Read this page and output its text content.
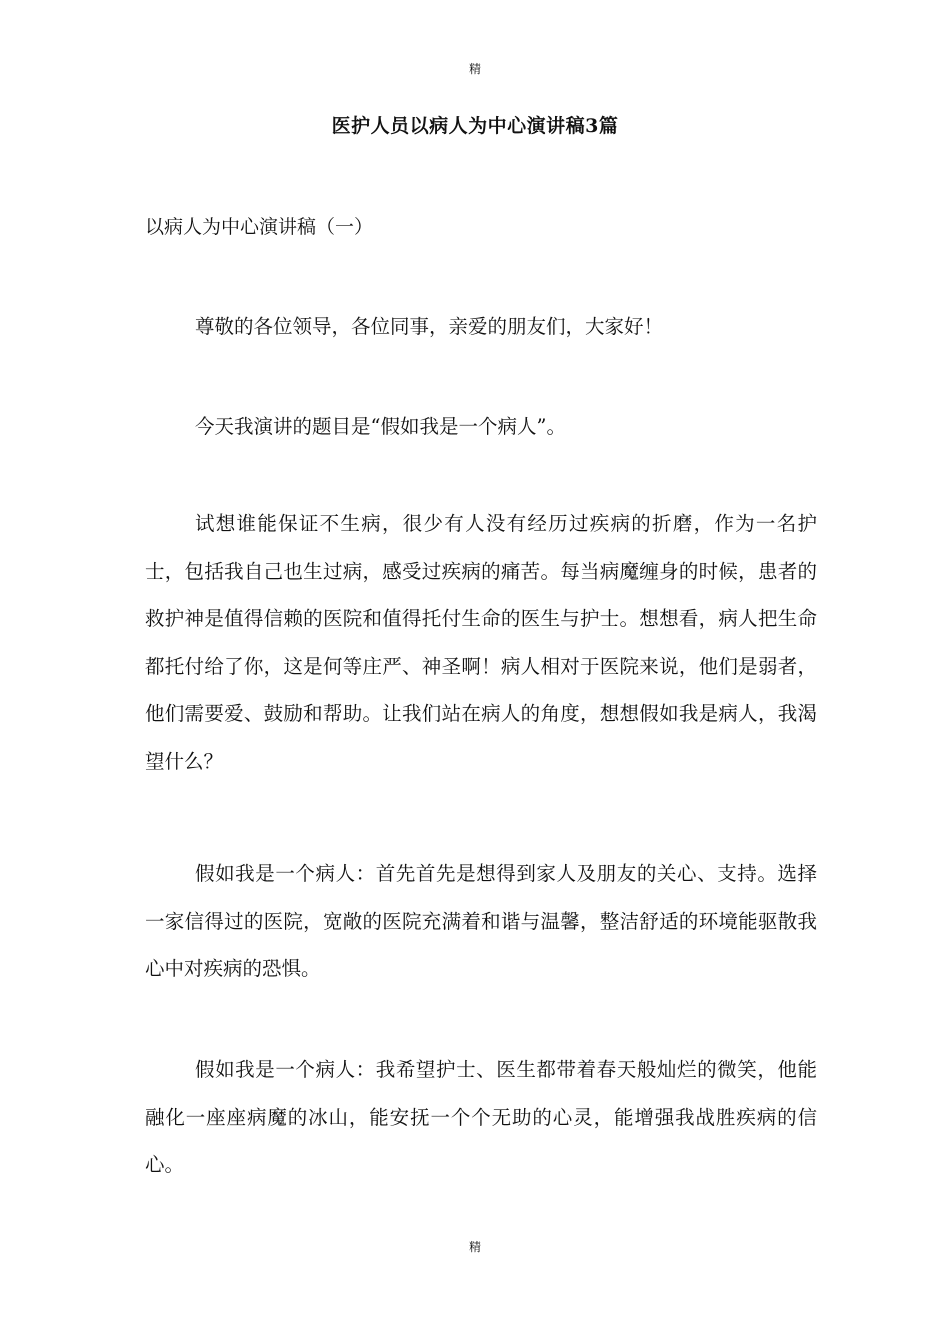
精
医护人员以病人为中心演讲稿3篇
以病人为中心演讲稿（一）

尊敬的各位领导，各位同事，亲爱的朋友们，大家好！

今天我演讲的题目是“假如我是一个病人”。

试想谁能保证不生病，很少有人没有经历过疾病的折磨，作为一名护士，包括我自己也生过病，感受过疾病的痛苦。每当病魔缠身的时候，患者的救护神是值得信赖的医院和值得托付生命的医生与护士。想想看，病人把生命都托付给了你，这是何等庄严、神圣啊！病人相对于医院来说，他们是弱者，他们需要爱、鼓励和帮助。让我们站在病人的角度，想想假如我是病人，我渴望什么？

假如我是一个病人：首先首先是想得到家人及朋友的关心、支持。选择一家信得过的医院，宽敞的医院充满着和谐与温馨，整洁舒适的环境能驱散我心中对疾病的恐惧。

假如我是一个病人：我希望护士、医生都带着春天般灿烂的微笑，他能融化一座座病魔的冰山，能安抚一个个无助的心灵，能增强我战胜疾病的信心。

精
